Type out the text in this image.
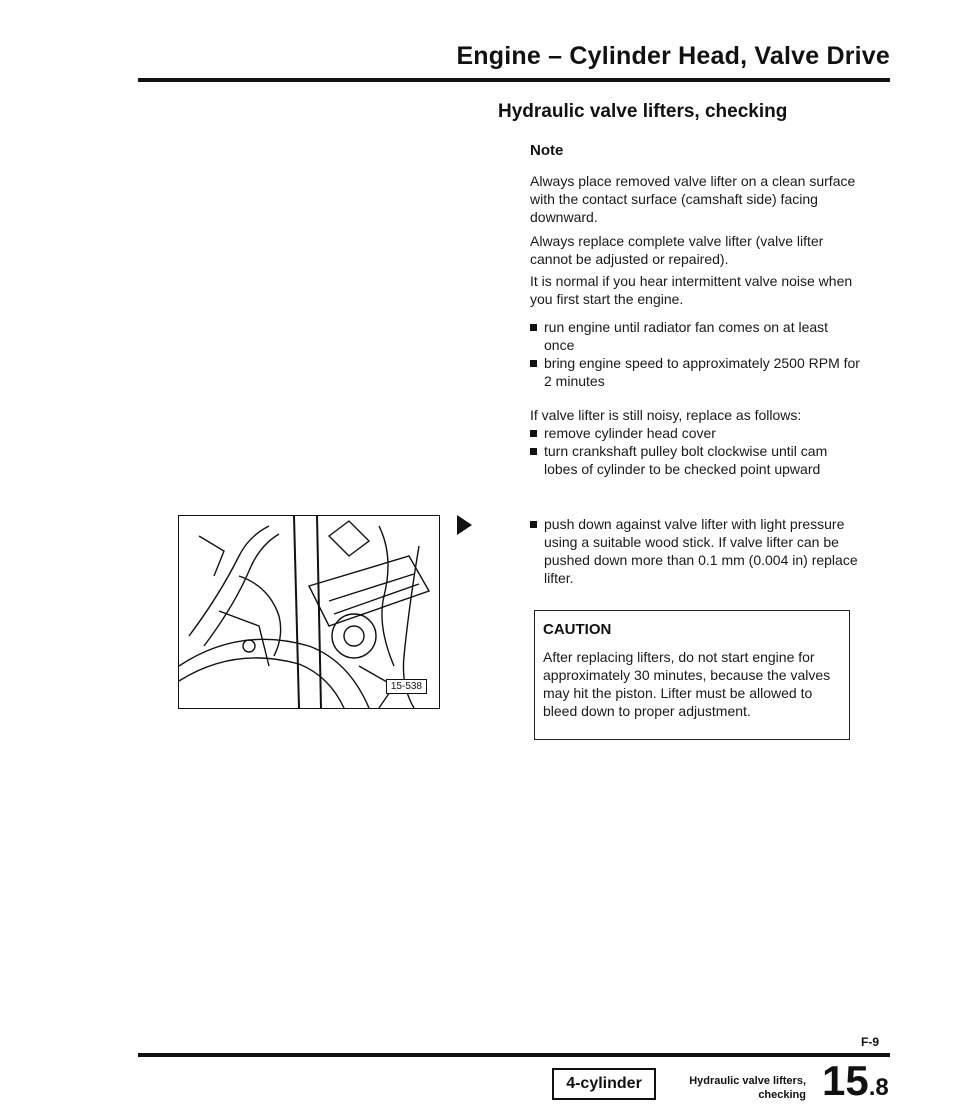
Engine – Cylinder Head, Valve Drive
Hydraulic valve lifters, checking
Note
Always place removed valve lifter on a clean surface with the contact surface (camshaft side) facing downward.
Always replace complete valve lifter (valve lifter cannot be adjusted or repaired).
It is normal if you hear intermittent valve noise when you first start the engine.
run engine until radiator fan comes on at least once
bring engine speed to approximately 2500 RPM for 2 minutes
If valve lifter is still noisy, replace as follows:
remove cylinder head cover
turn crankshaft pulley bolt clockwise until cam lobes of cylinder to be checked point upward
push down against valve lifter with light pressure using a suitable wood stick. If valve lifter can be pushed down more than 0.1 mm (0.004 in) replace lifter.
CAUTION
After replacing lifters, do not start engine for approximately 30 minutes, because the valves may hit the piston. Lifter must be allowed to bleed down to proper adjustment.
15-538
F-9
4-cylinder	Hydraulic valve lifters,
checking 15.8
